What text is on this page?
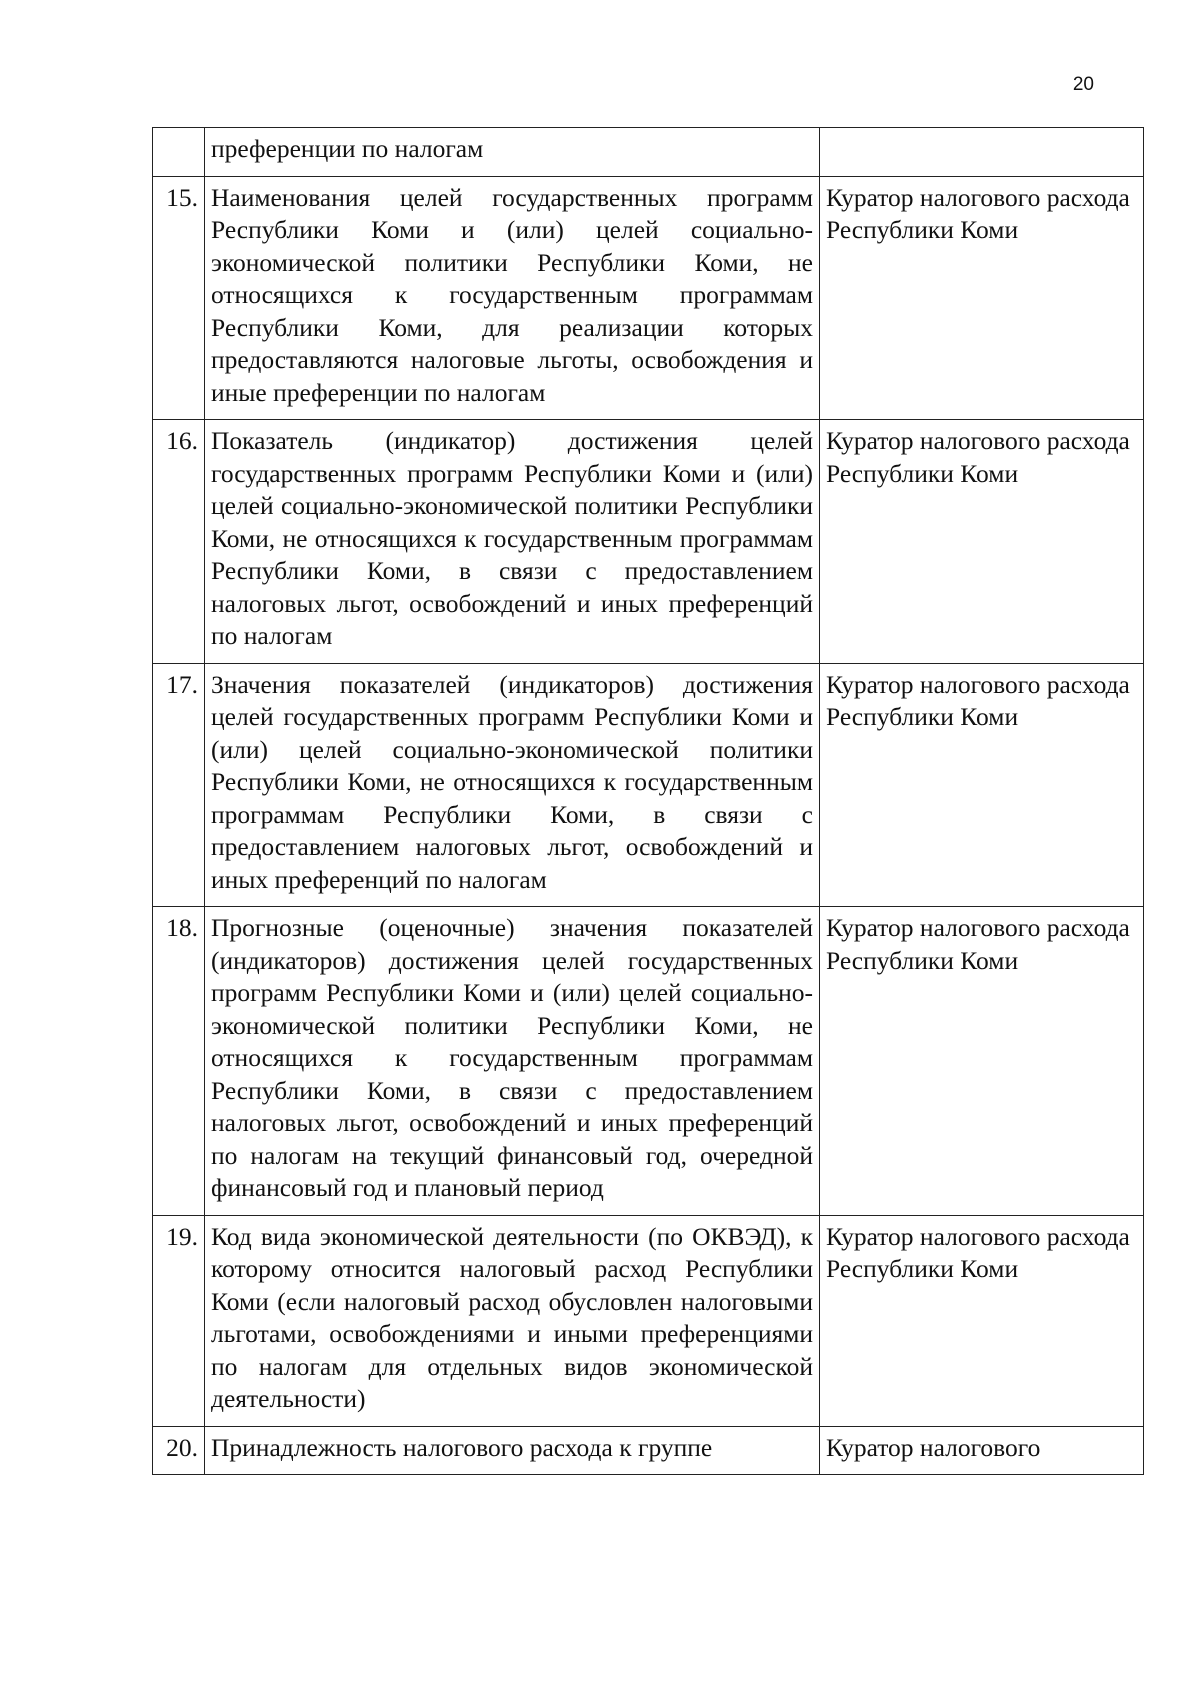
20
	преференции по налогам	
15.	Наименования целей государственных программ Республики Коми и (или) целей социально-экономической политики Республики Коми, не относящихся к государственным программам Республики Коми, для реализации которых предоставляются налоговые льготы, освобождения и иные преференции по налогам	Куратор налогового расхода Республики Коми
16.	Показатель (индикатор) достижения целей государственных программ Республики Коми и (или) целей социально-экономической политики Республики Коми, не относящихся к государственным программам Республики Коми, в связи с предоставлением налоговых льгот, освобождений и иных преференций по налогам	Куратор налогового расхода Республики Коми
17.	Значения показателей (индикаторов) достижения целей государственных программ Республики Коми и (или) целей социально-экономической политики Республики Коми, не относящихся к государственным программам Республики Коми, в связи с предоставлением налоговых льгот, освобождений и иных преференций по налогам	Куратор налогового расхода Республики Коми
18.	Прогнозные (оценочные) значения показателей (индикаторов) достижения целей государственных программ Республики Коми и (или) целей социально-экономической политики Республики Коми, не относящихся к государственным программам Республики Коми, в связи с предоставлением налоговых льгот, освобождений и иных преференций по налогам на текущий финансовый год, очередной финансовый год и плановый период	Куратор налогового расхода Республики Коми
19.	Код вида экономической деятельности (по ОКВЭД), к которому относится налоговый расход Республики Коми (если налоговый расход обусловлен налоговыми льготами, освобождениями и иными преференциями по налогам для отдельных видов экономической деятельности)	Куратор налогового расхода Республики Коми
20.	Принадлежность налогового расхода к группе	Куратор налогового
